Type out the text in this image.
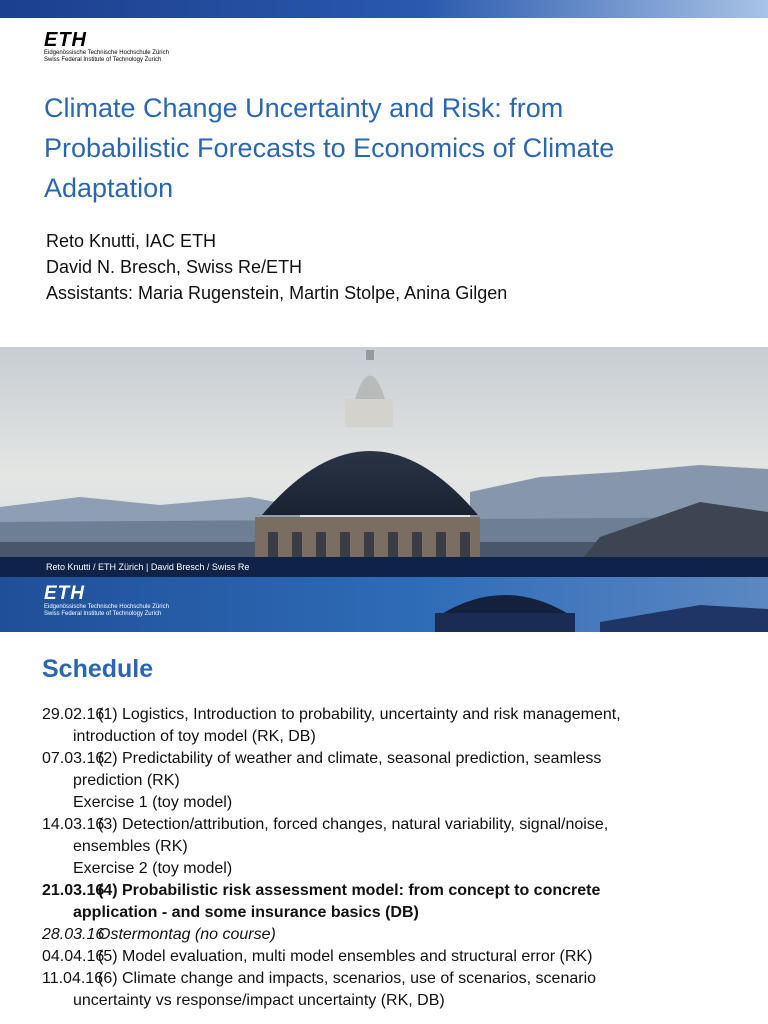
ETH
Eidgenössische Technische Hochschule Zürich
Swiss Federal Institute of Technology Zurich
Climate Change Uncertainty and Risk: from
Probabilistic Forecasts to Economics of Climate
Adaptation
Reto Knutti, IAC ETH
David N. Bresch, Swiss Re/ETH
Assistants: Maria Rugenstein, Martin Stolpe, Anina Gilgen
Reto Knutti / ETH Zürich | David Bresch / Swiss Re
ETH
Eidgenössische Technische Hochschule Zürich
Swiss Federal Institute of Technology Zurich
Schedule
29.02.16
(1) Logistics, Introduction to probability, uncertainty and risk management,
introduction of toy model (RK, DB)
07.03.16
(2) Predictability of weather and climate, seasonal prediction, seamless
prediction (RK)
Exercise 1 (toy model)
14.03.16
(3) Detection/attribution, forced changes, natural variability, signal/noise,
ensembles (RK)
Exercise 2 (toy model)
21.03.16
(4) Probabilistic risk assessment model: from concept to concrete
application - and some insurance basics (DB)
28.03.16
Ostermontag (no course)
04.04.16
(5) Model evaluation, multi model ensembles and structural error (RK)
11.04.16
(6) Climate change and impacts, scenarios, use of scenarios, scenario
uncertainty vs response/impact uncertainty (RK, DB)
